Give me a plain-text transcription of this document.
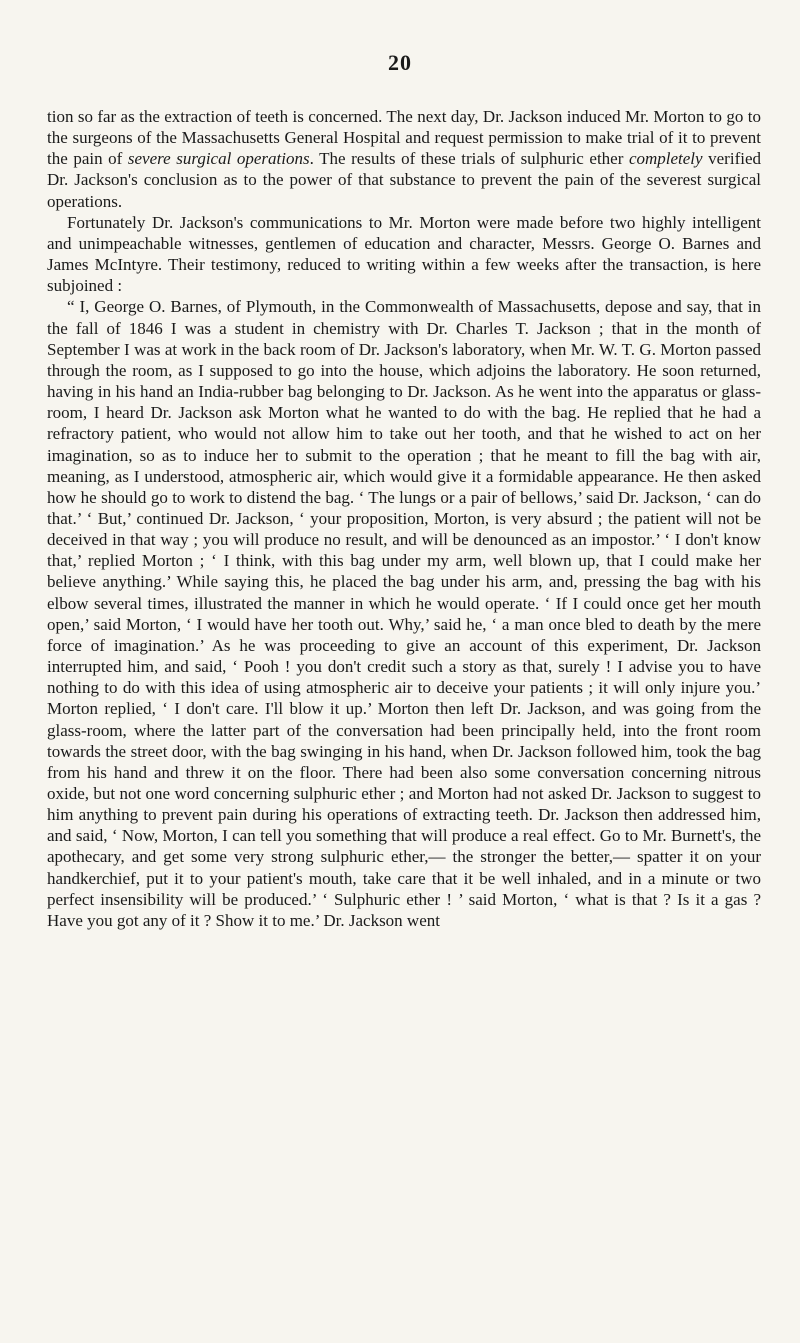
20

tion so far as the extraction of teeth is concerned. The next day, Dr. Jackson induced Mr. Morton to go to the surgeons of the Massachusetts General Hospital and request permission to make trial of it to prevent the pain of severe surgical operations. The results of these trials of sulphuric ether completely verified Dr. Jackson's conclusion as to the power of that substance to prevent the pain of the severest surgical operations.

Fortunately Dr. Jackson's communications to Mr. Morton were made before two highly intelligent and unimpeachable witnesses, gentlemen of education and character, Messrs. George O. Barnes and James McIntyre. Their testimony, reduced to writing within a few weeks after the transaction, is here subjoined :

“ I, George O. Barnes, of Plymouth, in the Commonwealth of Massachusetts, depose and say, that in the fall of 1846 I was a student in chemistry with Dr. Charles T. Jackson ; that in the month of September I was at work in the back room of Dr. Jackson's laboratory, when Mr. W. T. G. Morton passed through the room, as I supposed to go into the house, which adjoins the laboratory. He soon returned, having in his hand an India-rubber bag belonging to Dr. Jackson. As he went into the apparatus or glass-room, I heard Dr. Jackson ask Morton what he wanted to do with the bag. He replied that he had a refractory patient, who would not allow him to take out her tooth, and that he wished to act on her imagination, so as to induce her to submit to the operation ; that he meant to fill the bag with air, meaning, as I understood, atmospheric air, which would give it a formidable appearance. He then asked how he should go to work to distend the bag. ‘ The lungs or a pair of bellows,’ said Dr. Jackson, ‘ can do that.’ ‘ But,’ continued Dr. Jackson, ‘ your proposition, Morton, is very absurd ; the patient will not be deceived in that way ; you will produce no result, and will be denounced as an impostor.’ ‘ I don't know that,’ replied Morton ; ‘ I think, with this bag under my arm, well blown up, that I could make her believe anything.’ While saying this, he placed the bag under his arm, and, pressing the bag with his elbow several times, illustrated the manner in which he would operate. ‘ If I could once get her mouth open,’ said Morton, ‘ I would have her tooth out. Why,’ said he, ‘ a man once bled to death by the mere force of imagination.’ As he was proceeding to give an account of this experiment, Dr. Jackson interrupted him, and said, ‘ Pooh ! you don't credit such a story as that, surely ! I advise you to have nothing to do with this idea of using atmospheric air to deceive your patients ; it will only injure you.’ Morton replied, ‘ I don't care. I'll blow it up.’ Morton then left Dr. Jackson, and was going from the glass-room, where the latter part of the conversation had been principally held, into the front room towards the street door, with the bag swinging in his hand, when Dr. Jackson followed him, took the bag from his hand and threw it on the floor. There had been also some conversation concerning nitrous oxide, but not one word concerning sulphuric ether ; and Morton had not asked Dr. Jackson to suggest to him anything to prevent pain during his operations of extracting teeth. Dr. Jackson then addressed him, and said, ‘ Now, Morton, I can tell you something that will produce a real effect. Go to Mr. Burnett's, the apothecary, and get some very strong sulphuric ether,— the stronger the better,— spatter it on your handkerchief, put it to your patient's mouth, take care that it be well inhaled, and in a minute or two perfect insensibility will be produced.’ ‘ Sulphuric ether ! ’ said Morton, ‘ what is that ? Is it a gas ? Have you got any of it ? Show it to me.’ Dr. Jackson went
